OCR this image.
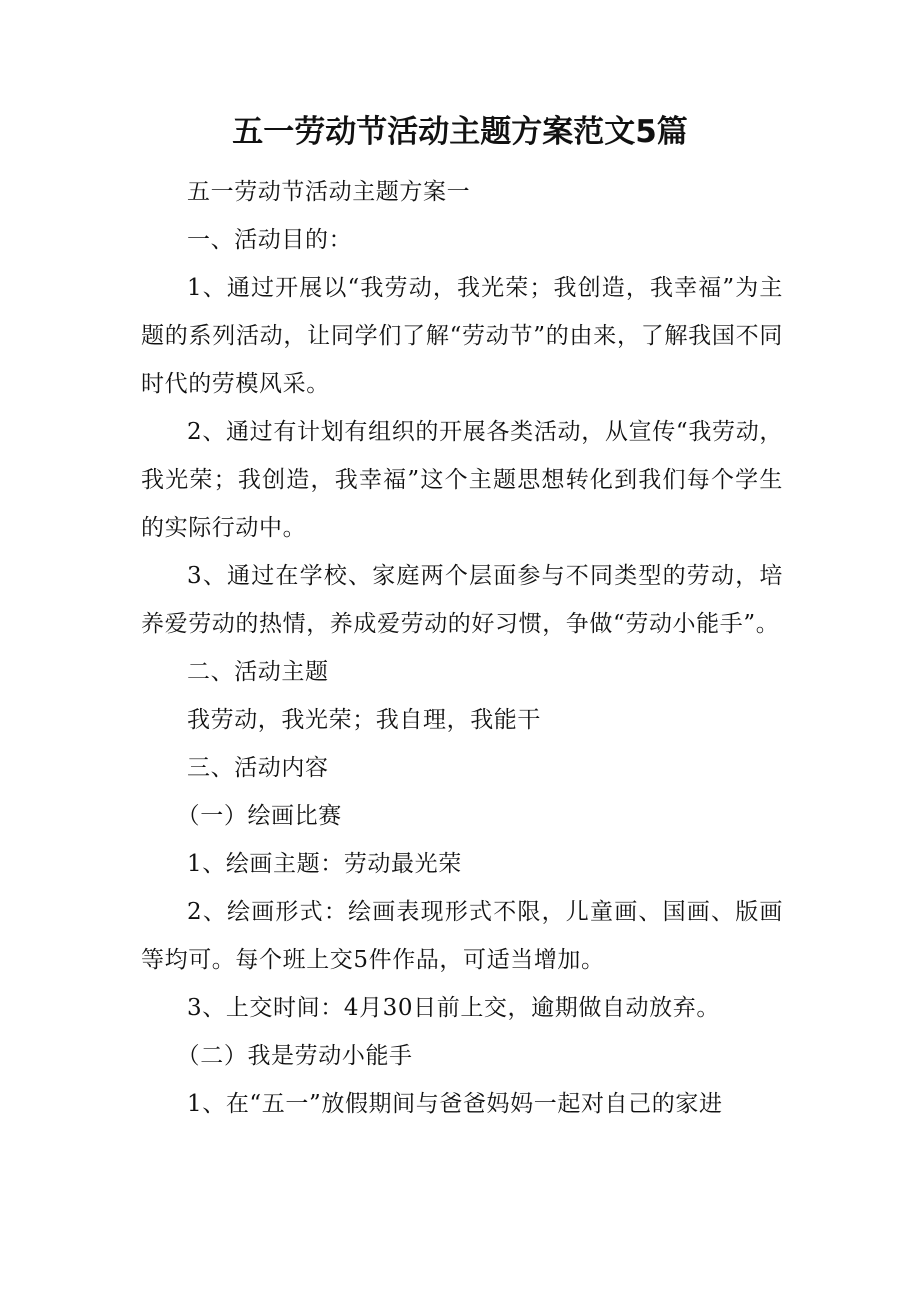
五一劳动节活动主题方案范文5篇

五一劳动节活动主题方案一

一、活动目的：

1、通过开展以“我劳动，我光荣；我创造，我幸福”为主题的系列活动，让同学们了解“劳动节”的由来，了解我国不同时代的劳模风采。

2、通过有计划有组织的开展各类活动，从宣传“我劳动，我光荣；我创造，我幸福”这个主题思想转化到我们每个学生的实际行动中。

3、通过在学校、家庭两个层面参与不同类型的劳动，培养爱劳动的热情，养成爱劳动的好习惯，争做“劳动小能手”。

二、活动主题

我劳动，我光荣；我自理，我能干

三、活动内容

（一）绘画比赛

1、绘画主题：劳动最光荣

2、绘画形式：绘画表现形式不限，儿童画、国画、版画等均可。每个班上交5件作品，可适当增加。

3、上交时间：4月30日前上交，逾期做自动放弃。

（二）我是劳动小能手

1、在“五一”放假期间与爸爸妈妈一起对自己的家进
